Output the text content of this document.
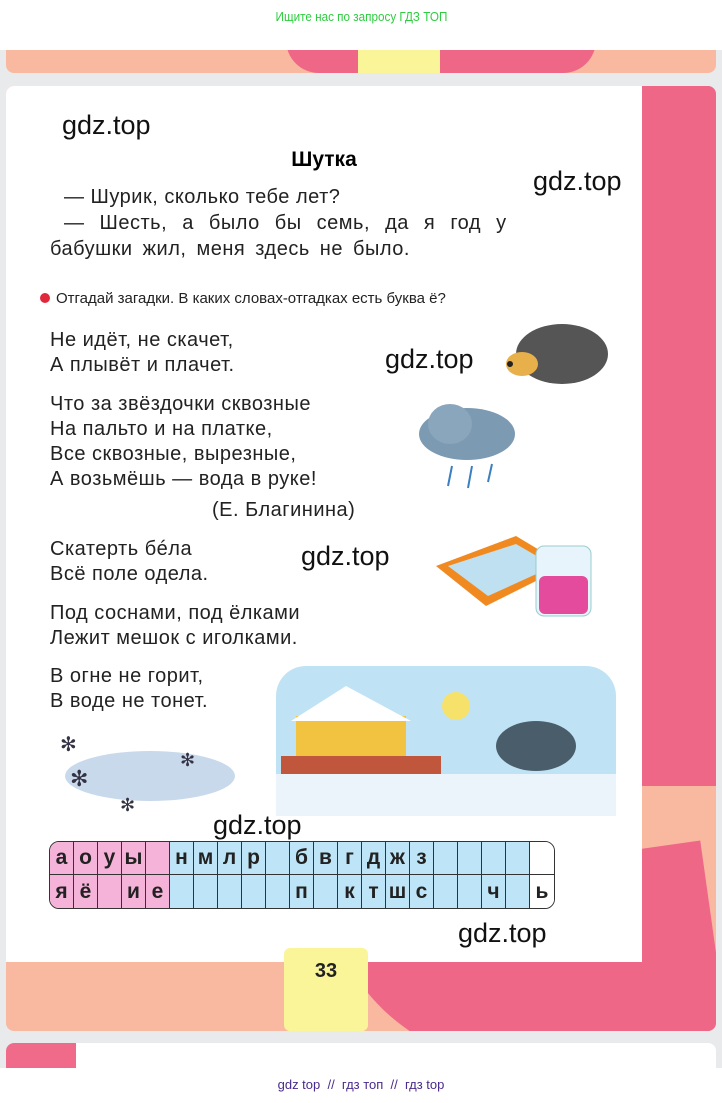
Ищите нас по запросу ГДЗ ТОП
Шутка
— Шурик, сколько тебе лет?
— Шесть, а было бы семь, да я год у
бабушки жил, меня здесь не было.
Отгадай загадки. В каких словах-отгадках есть буква ё?
Не идёт, не скачет,
А плывёт и плачет.
Что за звёздочки сквозные
На пальто и на платке,
Все сквозные, вырезные,
А возьмёшь — вода в руке!
(Е. Благинина)
Скатерть бéла
Всё поле одела.
Под соснами, под ёлками
Лежит мешок с иголками.
В огне не горит,
В воде не тонет.
✻
✻
✻
✻
а	о	у	ы		н	м	л	р		б	в	г	д	ж	з					
я	ё		и	е						п		к	т	ш	с			ч		ь
33
gdz.top
gdz.top
gdz.top
gdz.top
gdz.top
gdz.top
gdz top  //  гдз топ  //  гдз top
